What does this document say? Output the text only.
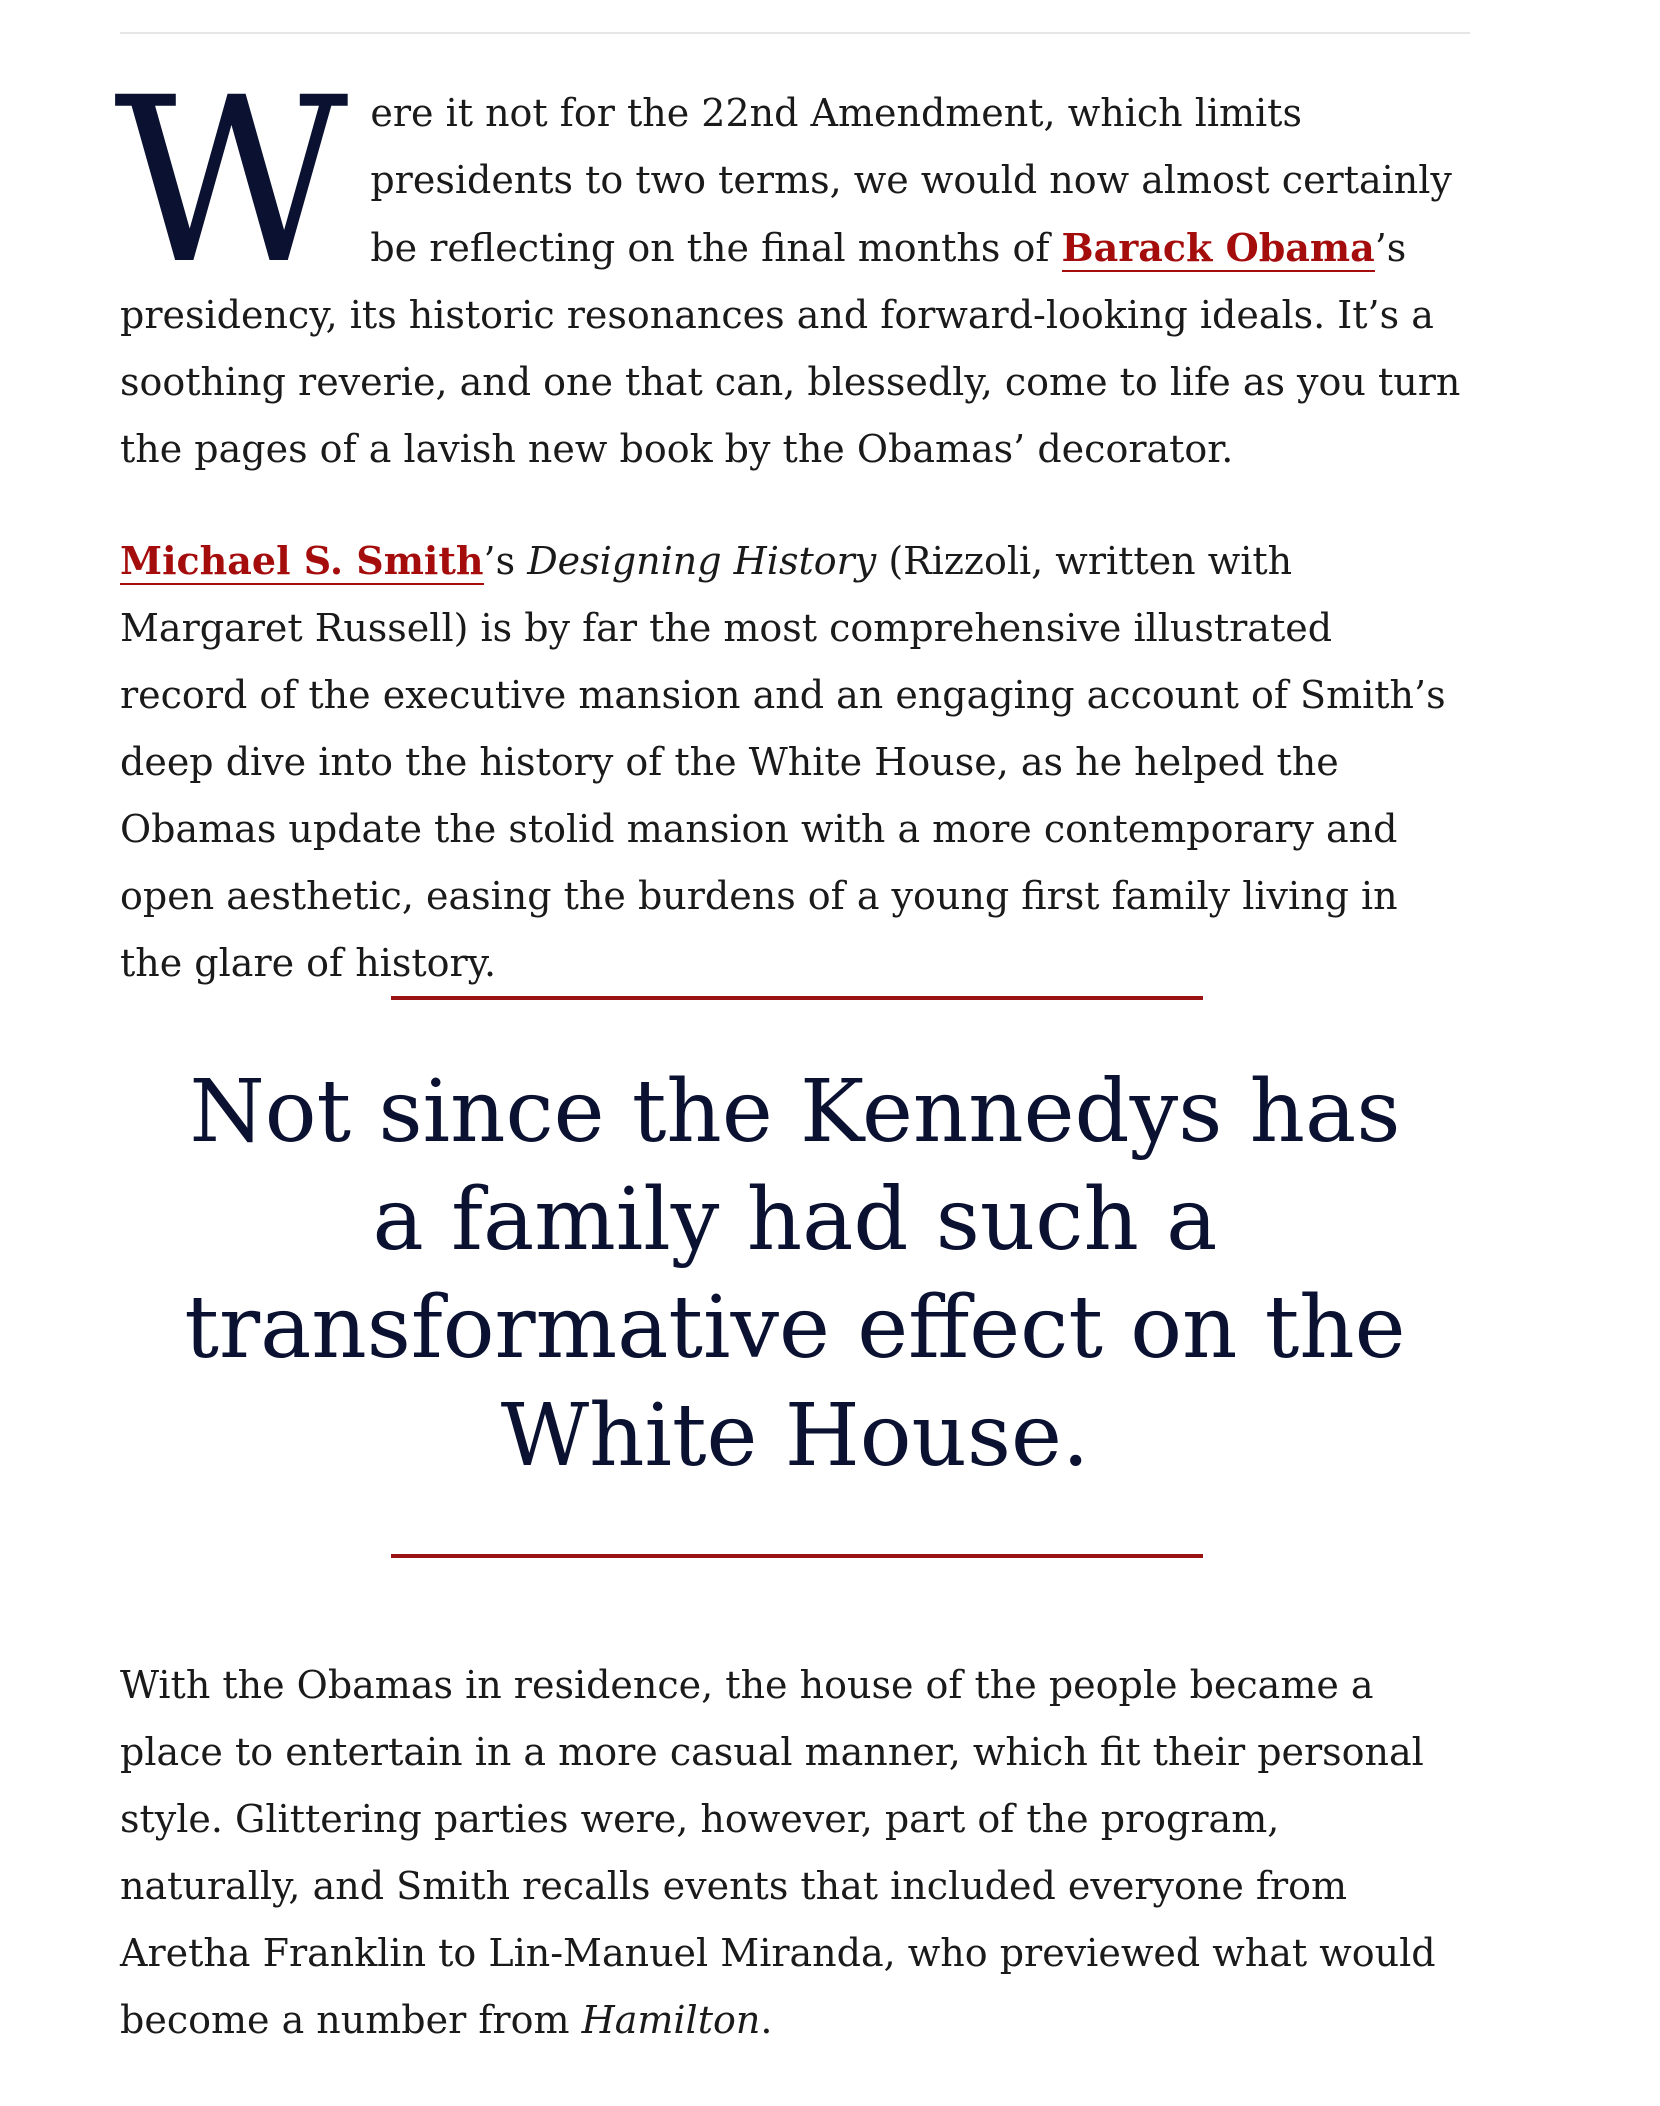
W ere it not for the 22nd Amendment, which limits presidents to two terms, we would now almost certainly be reflecting on the final months of Barack Obama’s presidency, its historic resonances and forward-looking ideals. It’s a soothing reverie, and one that can, blessedly, come to life as you turn the pages of a lavish new book by the Obamas’ decorator.

Michael S. Smith’s Designing History (Rizzoli, written with Margaret Russell) is by far the most comprehensive illustrated record of the executive mansion and an engaging account of Smith’s deep dive into the history of the White House, as he helped the Obamas update the stolid mansion with a more contemporary and open aesthetic, easing the burdens of a young first family living in the glare of history.

Not since the Kennedys has a family had such a transformative effect on the White House.

With the Obamas in residence, the house of the people became a place to entertain in a more casual manner, which fit their personal style. Glittering parties were, however, part of the program, naturally, and Smith recalls events that included everyone from Aretha Franklin to Lin-Manuel Miranda, who previewed what would become a number from Hamilton.
